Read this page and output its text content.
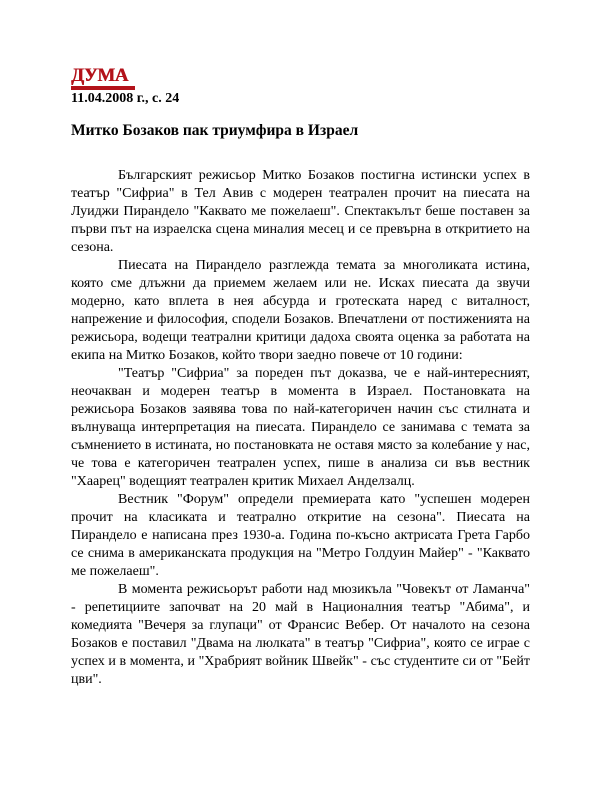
ДУМА
11.04.2008 г., с. 24
Митко Бозаков пак триумфира в Израел

Българският режисьор Митко Бозаков постигна истински успех в театър "Сифриа" в Тел Авив с модерен театрален прочит на пиесата на Луиджи Пирандело "Каквато ме пожелаеш". Спектакълът беше поставен за първи път на израелска сцена миналия месец и се превърна в откритието на сезона.

Пиесата на Пирандело разглежда темата за многоликата истина, която сме длъжни да приемем желаем или не. Исках пиесата да звучи модерно, като вплета в нея абсурда и гротеската наред с виталност, напрежение и философия, сподели Бозаков. Впечатлени от постиженията на режисьора, водещи театрални критици дадоха своята оценка за работата на екипа на Митко Бозаков, който твори заедно повече от 10 години:

"Театър "Сифриа" за пореден път доказва, че е най-интересният, неочакван и модерен театър в момента в Израел. Постановката на режисьора Бозаков заявява това по най-категоричен начин със стилната и вълнуваща интерпретация на пиесата. Пирандело се занимава с темата за съмнението в истината, но постановката не оставя място за колебание у нас, че това е категоричен театрален успех, пише в анализа си във вестник "Хаарец" водещият театрален критик Михаел Анделзалц.

Вестник "Форум" определи премиерата като "успешен модерен прочит на класиката и театрално откритие на сезона". Пиесата на Пирандело е написана през 1930-а. Година по-късно актрисата Грета Гарбо се снима в американската продукция на "Метро Голдуин Майер" - "Каквато ме пожелаеш".

В момента режисьорът работи над мюзикъла "Човекът от Ламанча" - репетициите започват на 20 май в Националния театър "Абима", и комедията "Вечеря за глупаци" от Франсис Вебер. От началото на сезона Бозаков е поставил "Двама на люлката" в театър "Сифриа", която се играе с успех и в момента, и "Храбрият войник Швейк" - със студентите си от "Бейт цви".
